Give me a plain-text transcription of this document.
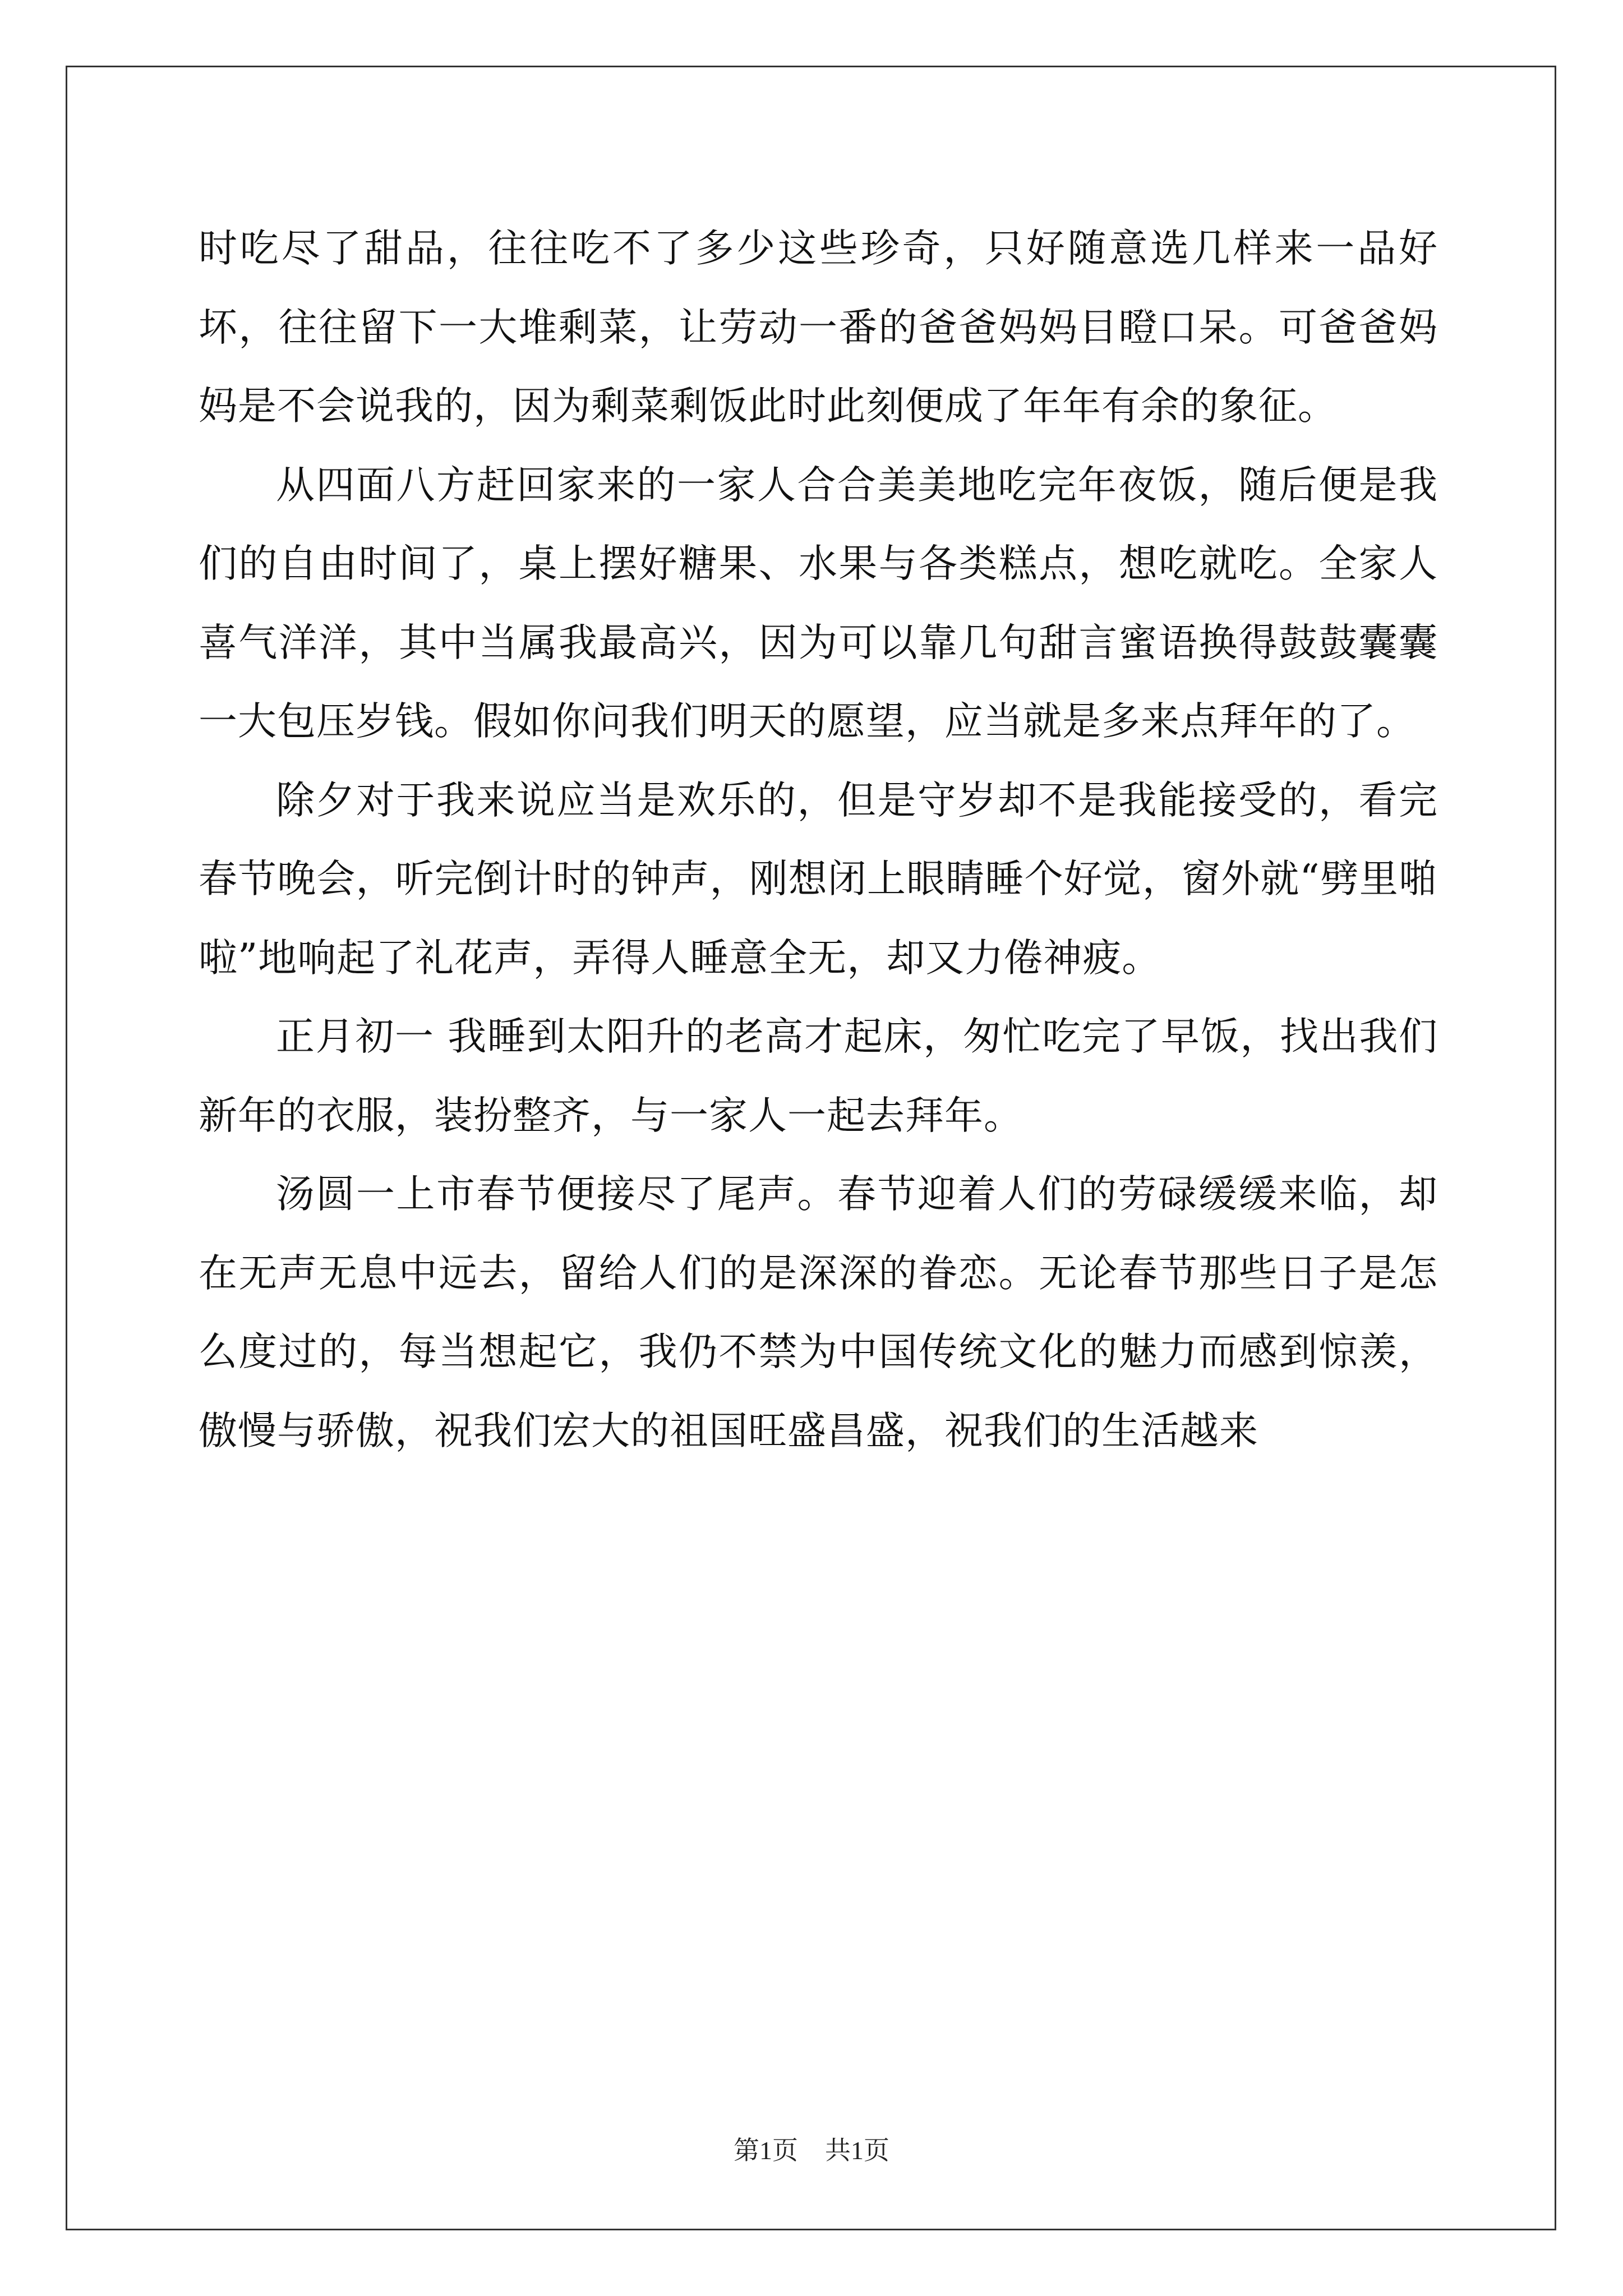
时吃尽了甜品，往往吃不了多少这些珍奇，只好随意选几样来一品好坏，往往留下一大堆剩菜，让劳动一番的爸爸妈妈目瞪口呆。可爸爸妈妈是不会说我的，因为剩菜剩饭此时此刻便成了年年有余的象征。

从四面八方赶回家来的一家人合合美美地吃完年夜饭，随后便是我们的自由时间了，桌上摆好糖果、水果与各类糕点，想吃就吃。全家人喜气洋洋，其中当属我最高兴，因为可以靠几句甜言蜜语换得鼓鼓囊囊一大包压岁钱。假如你问我们明天的愿望，应当就是多来点拜年的了。

除夕对于我来说应当是欢乐的，但是守岁却不是我能接受的，看完春节晚会，听完倒计时的钟声，刚想闭上眼睛睡个好觉，窗外就“劈里啪啦”地响起了礼花声，弄得人睡意全无，却又力倦神疲。

正月初一 我睡到太阳升的老高才起床，匆忙吃完了早饭，找出我们新年的衣服，装扮整齐，与一家人一起去拜年。

汤圆一上市春节便接尽了尾声。春节迎着人们的劳碌缓缓来临，却在无声无息中远去，留给人们的是深深的眷恋。无论春节那些日子是怎么度过的，每当想起它，我仍不禁为中国传统文化的魅力而感到惊羡，傲慢与骄傲，祝我们宏大的祖国旺盛昌盛，祝我们的生活越来

第1页 共1页
